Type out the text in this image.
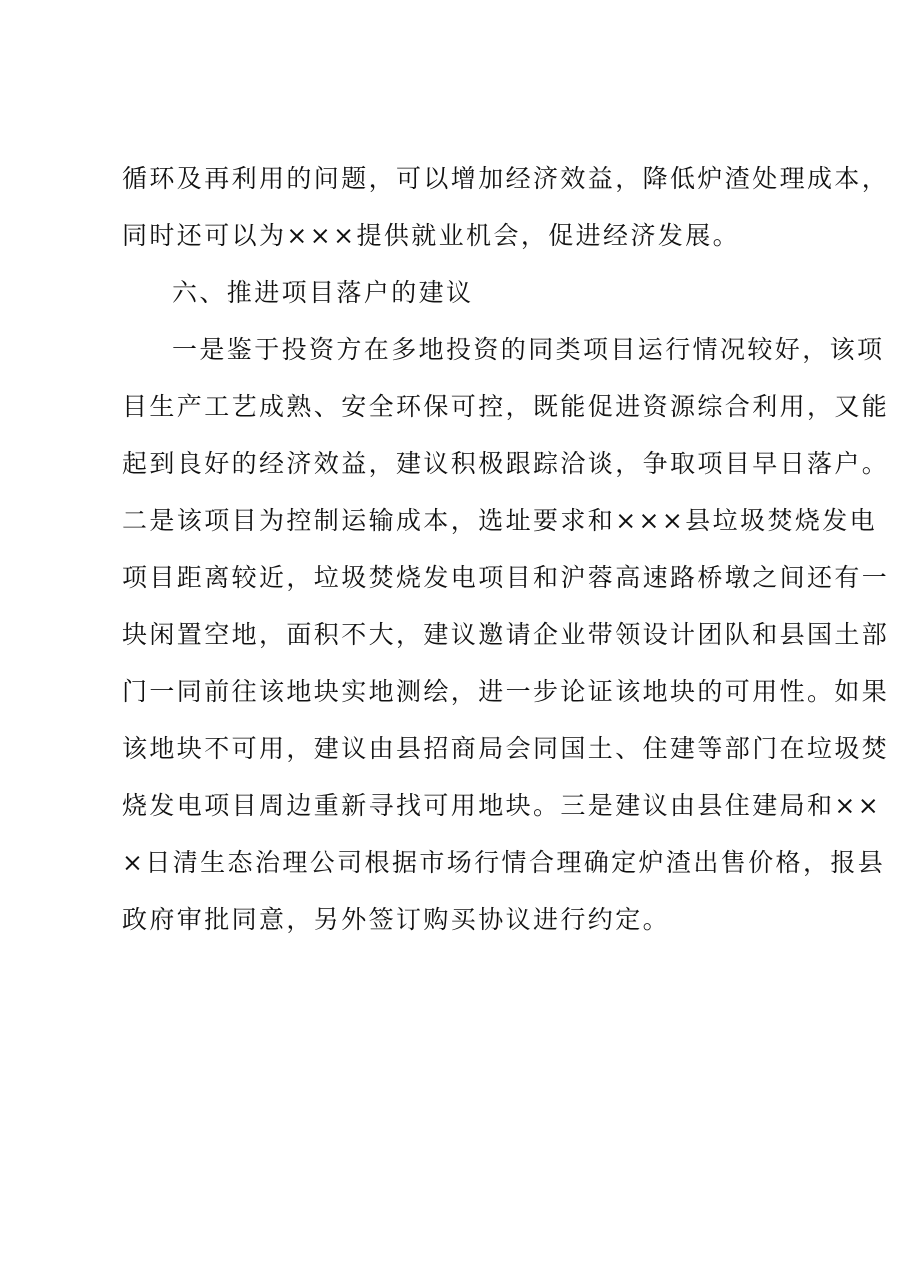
循环及再利用的问题，可以增加经济效益，降低炉渣处理成本，
同时还可以为×××提供就业机会，促进经济发展。
六、推进项目落户的建议
一是鉴于投资方在多地投资的同类项目运行情况较好，该项
目生产工艺成熟、安全环保可控，既能促进资源综合利用，又能
起到良好的经济效益，建议积极跟踪洽谈，争取项目早日落户。
二是该项目为控制运输成本，选址要求和×××县垃圾焚烧发电
项目距离较近，垃圾焚烧发电项目和沪蓉高速路桥墩之间还有一
块闲置空地，面积不大，建议邀请企业带领设计团队和县国土部
门一同前往该地块实地测绘，进一步论证该地块的可用性。如果
该地块不可用，建议由县招商局会同国土、住建等部门在垃圾焚
烧发电项目周边重新寻找可用地块。三是建议由县住建局和××
×日清生态治理公司根据市场行情合理确定炉渣出售价格，报县
政府审批同意，另外签订购买协议进行约定。
